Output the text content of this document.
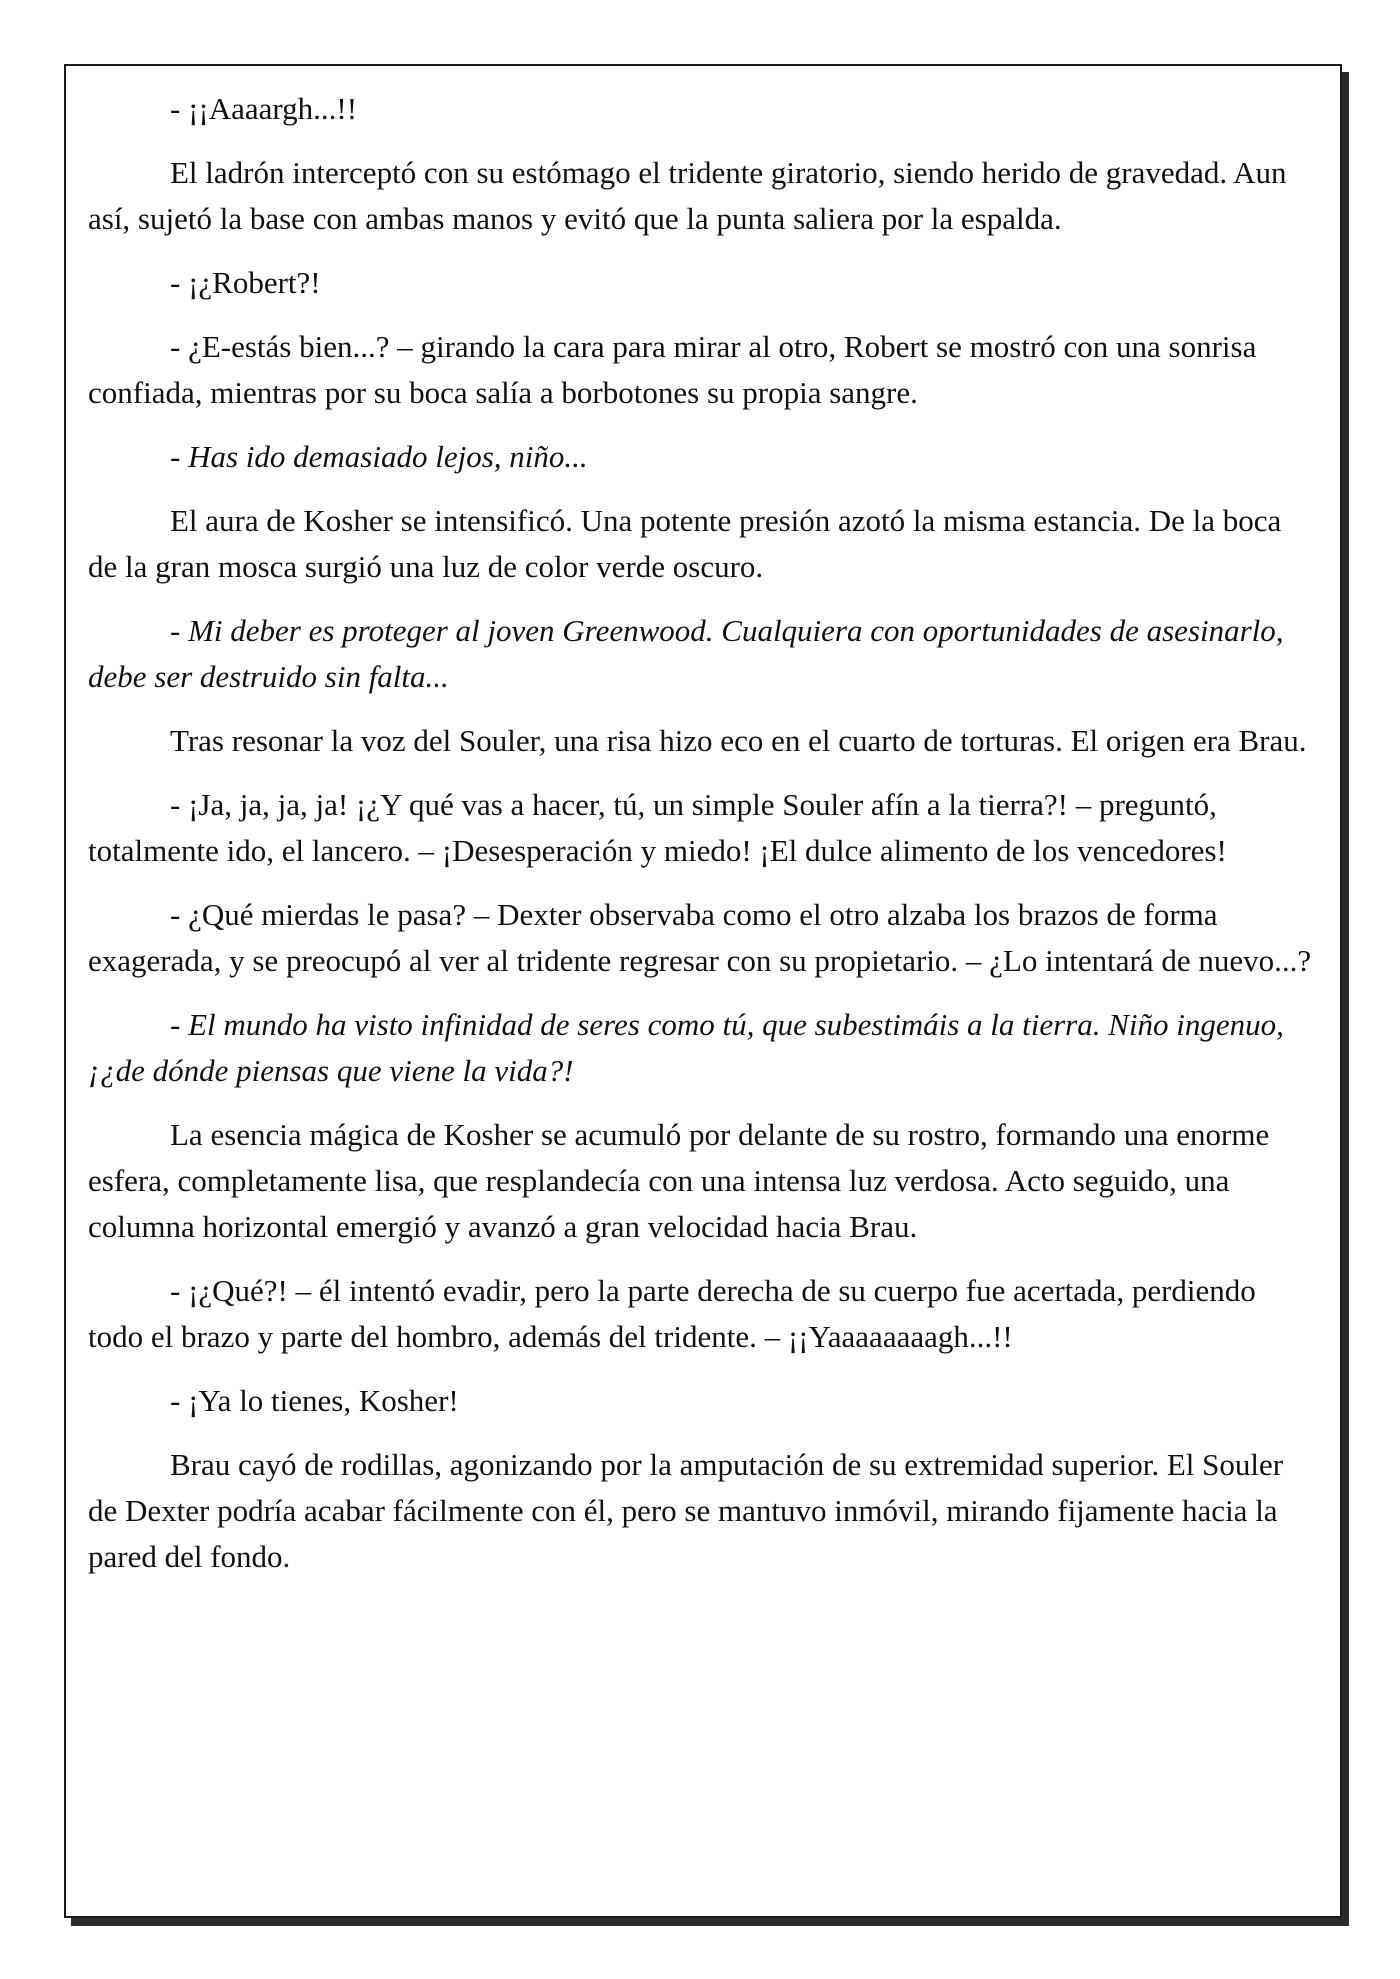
- ¡¡Aaaargh...!!

El ladrón interceptó con su estómago el tridente giratorio, siendo herido de gravedad. Aun así, sujetó la base con ambas manos y evitó que la punta saliera por la espalda.

- ¡¿Robert?!

- ¿E-estás bien...? – girando la cara para mirar al otro, Robert se mostró con una sonrisa confiada, mientras por su boca salía a borbotones su propia sangre.

- Has ido demasiado lejos, niño...

El aura de Kosher se intensificó. Una potente presión azotó la misma estancia. De la boca de la gran mosca surgió una luz de color verde oscuro.

- Mi deber es proteger al joven Greenwood. Cualquiera con oportunidades de asesinarlo, debe ser destruido sin falta...

Tras resonar la voz del Souler, una risa hizo eco en el cuarto de torturas. El origen era Brau.

- ¡Ja, ja, ja, ja! ¡¿Y qué vas a hacer, tú, un simple Souler afín a la tierra?! – preguntó, totalmente ido, el lancero. – ¡Desesperación y miedo! ¡El dulce alimento de los vencedores!

- ¿Qué mierdas le pasa? – Dexter observaba como el otro alzaba los brazos de forma exagerada, y se preocupó al ver al tridente regresar con su propietario. – ¿Lo intentará de nuevo...?

- El mundo ha visto infinidad de seres como tú, que subestimáis a la tierra. Niño ingenuo, ¡¿de dónde piensas que viene la vida?!

La esencia mágica de Kosher se acumuló por delante de su rostro, formando una enorme esfera, completamente lisa, que resplandecía con una intensa luz verdosa. Acto seguido, una columna horizontal emergió y avanzó a gran velocidad hacia Brau.

- ¡¿Qué?! – él intentó evadir, pero la parte derecha de su cuerpo fue acertada, perdiendo todo el brazo y parte del hombro, además del tridente. – ¡¡Yaaaaaaaagh...!!

- ¡Ya lo tienes, Kosher!

Brau cayó de rodillas, agonizando por la amputación de su extremidad superior. El Souler de Dexter podría acabar fácilmente con él, pero se mantuvo inmóvil, mirando fijamente hacia la pared del fondo.
